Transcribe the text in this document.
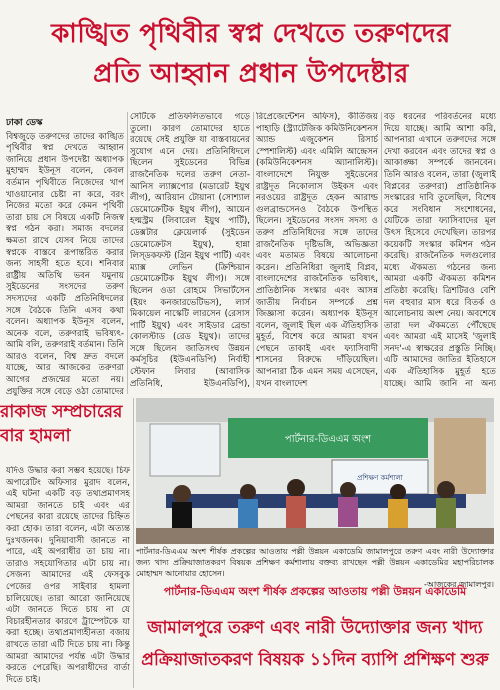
কাঙ্খিত পৃথিবীর স্বপ্ন দেখতে তরুণদের
প্রতি আহ্বান প্রধান উপদেষ্টার
ঢাকা ডেস্ক
বিশ্বজুড়ে তরুণদের তাদের কাঙ্খিত পৃথিবীর স্বপ্ন দেখতে আহ্বান জানিয়ে প্রধান উপদেষ্টা অধ্যাপক মুহাম্মদ ইউনূস বলেন, কেবল বর্তমান পৃথিবীতে নিজেদের খাপ খাওয়ানোর চেষ্টা না করে, বরং নিজের মতো করে কেমন পৃথিবী তারা চায় সে বিষয়ে একটি নিজস্ব স্বপ্ন গঠন করা। সমাজ বদলের ক্ষমতা রাখে যেসব নিয়ে তাদের স্বপ্নকে বাস্তবে রূপান্তরিত করার জন্য সাহসী হতে হবে। শনিবার রাষ্ট্রীয় অতিথি ভবন যমুনায় সুইডেনের সংসদের তরুণ সদস্যদের একটি প্রতিনিধিদলের সঙ্গে বৈঠকে তিনি এসব কথা বলেন। অধ্যাপক ইউনূস বলেন, অনেক বলে, তরুণরাই ভবিষ্যৎ-আমি বলি, তরুণরাই বর্তমান। তিনি আরও বলেন, বিশ্ব দ্রুত বদলে যাচ্ছে, আর আজকের তরুণরা আগের প্রজন্মের মতো নয়। প্রযুক্তির সঙ্গে বেড়ে ওঠা তোমাদের
সেটিকে প্রতিফলিতভাবে গড়ে তুলো। কারণ তোমাদের হাতে রয়েছে সেই প্রযুক্তি যা বাস্তবায়নের সুযোগ এনে দেয়। প্রতিনিধিদলে ছিলেন সুইডেনের বিভিন্ন রাজনৈতিক দলের তরুণ নেতা-আনিস ল্যাক্সপোর (মডারেট ইয়ুথ লীগ), আরিয়ান টোয়ানা (সোশ্যাল ডেমোক্রেটিক ইয়ুথ লীগ), আয়েন হল্মস্ট্রম (লিবারেল ইয়ুথ পার্টি), ডেক্সটার ক্লেয়েলার্ক (সুইডেন ডেমোক্রেটস ইয়ুথ), হান্না লিস্ডকফস্ট (গ্রিন ইয়ুথ পার্টি) এবং ম্যাক্স লেভিন (ক্রিশ্চিয়ান ডেমোক্রেটিক ইয়ুথ লীগ)। সঙ্গে ছিলেন ওডা রোহমে সিভার্টসেন (ইয়ং কনজারভেটিভস), লার্স মিকায়েল নাস্কেটি লারসেন (রেসাস পার্টি ইয়ুথ) এবং সাইডার ব্রেন্ডা কোলস্টাড (রেড ইয়ুথ)। তাদের সঙ্গে ছিলেন জাতিসংঘ উন্নয়ন কর্মসূচির (ইউএনডিপি) নির্বাহী স্টেফান লিবার (আবাসিক প্রতিনিধি, ইউএনডিপি),
রিপ্রেজেন্টেশন অফিস), কীর্তিজয় পাহাড়ি (স্ট্র্যাটেজিক কমিউনিকেশনস অ্যান্ড এজুকেশন রিসার্চ স্পেশালিস্ট) এবং এমিলি আন্দ্রেসন (কমিউনিকেশনস অ্যানালিস্ট)। বাংলাদেশে নিযুক্ত সুইডেনের রাষ্ট্রদূত নিকোলাস উইকস এবং নরওয়ের রাষ্ট্রদূত হেকন আরাল্ড গুলব্রান্ডসেনও বৈঠকে উপস্থিত ছিলেন। সুইডেনের সংসদ সদস্য ও তরুণ প্রতিনিধিদের সঙ্গে তাদের রাজনৈতিক দৃষ্টিভঙ্গি, অভিজ্ঞতা এবং মতামত বিষয়ে আলোচনা করেন। প্রতিনিধিরা জুলাই বিপ্লব, বাংলাদেশের রাজনৈতিক ভবিষ্যৎ, প্রাতিষ্ঠানিক সংস্কার এবং আসন্ন জাতীয় নির্বাচন সম্পর্কে প্রশ্ন জিজ্ঞাসা করেন। অধ্যাপক ইউনূস বলেন, জুলাই ছিল এক ঐতিহাসিক মুহূর্ত, বিশেষ করে আমরা যখন পেছনে তাকাই এবং ফ্যাসিবাদী শাসনের বিরুদ্ধে দাঁড়িয়েছিল। আপনারা ঠিক এমন সময় এসেছেন, যখন বাংলাদেশ
বড় ধরনের পরিবর্তনের মধ্যে দিয়ে যাচ্ছে। আমি আশা করি, আপনারা এখানে তরুণদের সঙ্গে দেখা করবেন এবং তাদের স্বপ্ন ও আকাঙ্ক্ষা সম্পর্কে জানবেন। তিনি আরও বলেন, তারা (জুলাই বিপ্লবের তরুণরা) প্রাতিষ্ঠানিক সংস্কারের দাবি তুলেছিল, বিশেষ করে সংবিধান সংশোধনের, যেটিকে তারা ফ্যাসিবাদের মূল উৎস হিসেবে দেখেছিল। তারপর কয়েকটি সংস্কার কমিশন গঠন করেছি। রাজনৈতিক দলগুলোর মধ্যে ঐকমত্য গঠনের জন্য আমরা একটি ঐকমত্য কমিশন প্রতিষ্ঠা করেছি। ত্রিশটিরও বেশি দল বহুবার মাস ধরে বিতর্ক ও আলোচনায় অংশ নেয়। অবশেষে তারা দল ঐকমত্যে পৌঁছেছে এবং আমরা এই মাসেই 'জুলাই সনদ'-এ স্বাক্ষরের প্রস্তুতি নিচ্ছি। এটি আমাদের জাতির ইতিহাসে এক ঐতিহাসিক মুহূর্ত হতে যাচ্ছে। আমি জানি না অন্য
রাকাজ সম্প্রচারের
বার হামলা
যদিও উদ্ধার করা সম্ভব হয়েছে। চিফ অপারেটিং অফিসার মুরাদ বলেন, এই ঘটনা একটি বড় তথ্যপ্রমাণসহ আমরা জানতে চাই এবং এর পেছনের কারা রয়েছে তাদের চিহ্নিত করা হোক। তারা বলেন, এটা অত্যন্ত দুঃখজনক। দুনিয়াবাসী জানতে না পারে, এই অপরাধীর তা চায় না। তারাও সহযোগিতার এটা চায় না। সেজন্য আমাদের এই ফেসবুক পেজের ওপর সাইবার হামলা চালিয়েছে। তারা আরো জানিয়েছে এটা জানতে দিতে চায় না যে বিচারহীনতার কারণে ট্রাম্পেটকে যা করা হচ্ছে। তথ্যপ্রমাণ্যহীনতা বজায় রাখতে তারা এটি দিতে চায় না। কিন্তু আমরা আমাদের পর্যন্ত এটা উদ্ধার করতে পেরেছি। অপরাধীদের বার্তা দিতে চাই।
পার্টনার-ডিএএম অংশ
প্রশিক্ষণ কর্মশালা
পার্টনার-ডিএএম অংশ শীর্ষক প্রকল্পের আওতায় পল্লী উন্নয়ন একাডেমি জামালপুরে তরুণ এবং নারী উদ্যোক্তার জন্য খাদ্য প্রক্রিয়াজাতকরণ বিষয়ক প্রশিক্ষণ কর্মশালায় বক্তব্য রাখছেন পল্লী উন্নয়ন একাডেমির মহাপরিচালক মোহাম্মদ আনোয়ার হোসেন।
-আজকের জামালপুর।
পার্টনার-ডিএএম অংশ শীর্ষক প্রকল্পের আওতায় পল্লী উন্নয়ন একাডেমি
জামালপুরে তরুণ এবং নারী উদ্যোক্তার জন্য খাদ্য
প্রক্রিয়াজাতকরণ বিষয়ক ১১দিন ব্যাপি প্রশিক্ষণ শুরু
